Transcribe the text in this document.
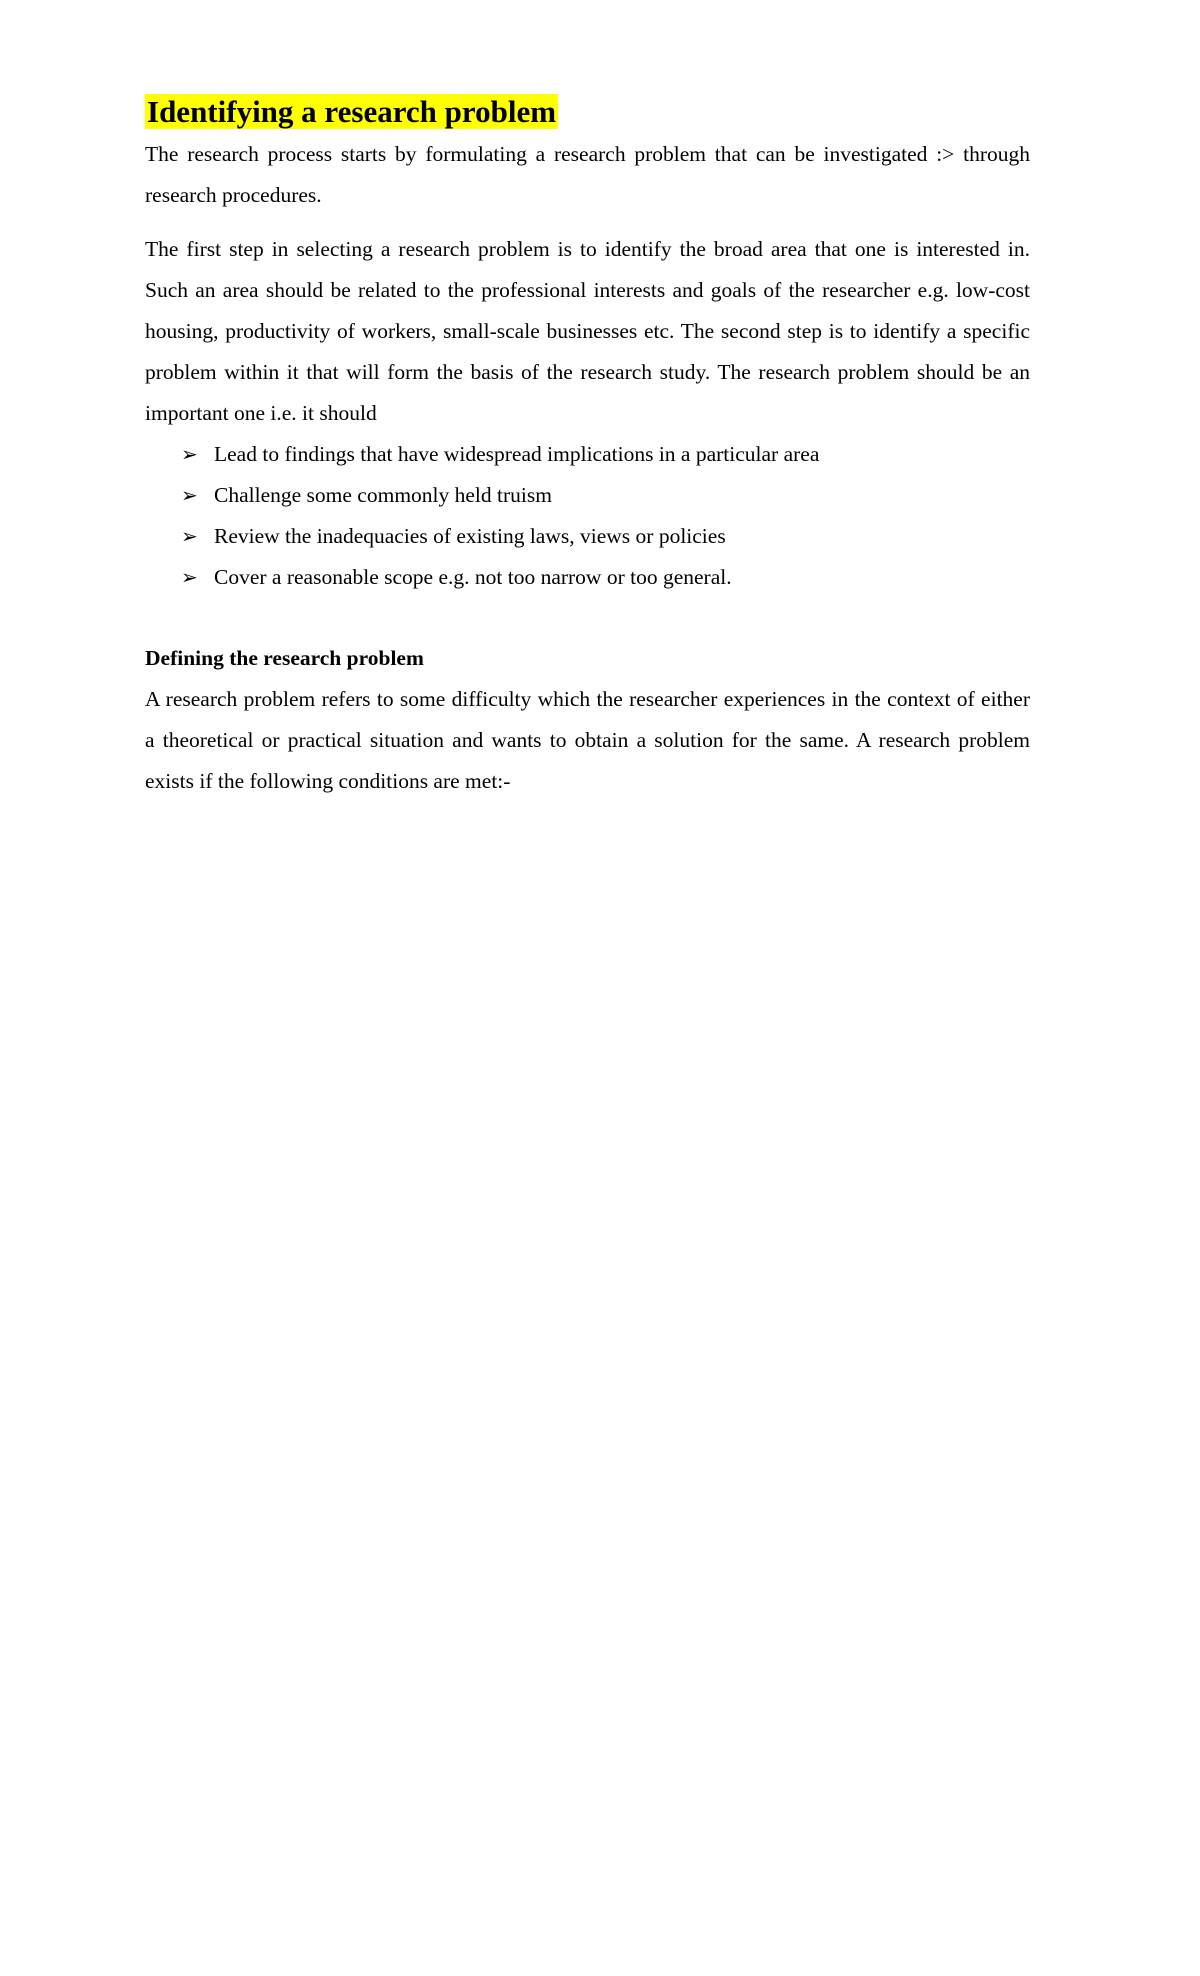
Identifying a research problem

The research process starts by formulating a research problem that can be investigated :> through research procedures.

The first step in selecting a research problem is to identify the broad area that one is interested in. Such an area should be related to the professional interests and goals of the researcher e.g. low-cost housing, productivity of workers, small-scale businesses etc. The second step is to identify a specific problem within it that will form the basis of the research study. The research problem should be an important one i.e. it should

➢ Lead to findings that have widespread implications in a particular area
➢ Challenge some commonly held truism
➢ Review the inadequacies of existing laws, views or policies
➢ Cover a reasonable scope e.g. not too narrow or too general.
Defining the research problem

A research problem refers to some difficulty which the researcher experiences in the context of either a theoretical or practical situation and wants to obtain a solution for the same. A research problem exists if the following conditions are met:-
